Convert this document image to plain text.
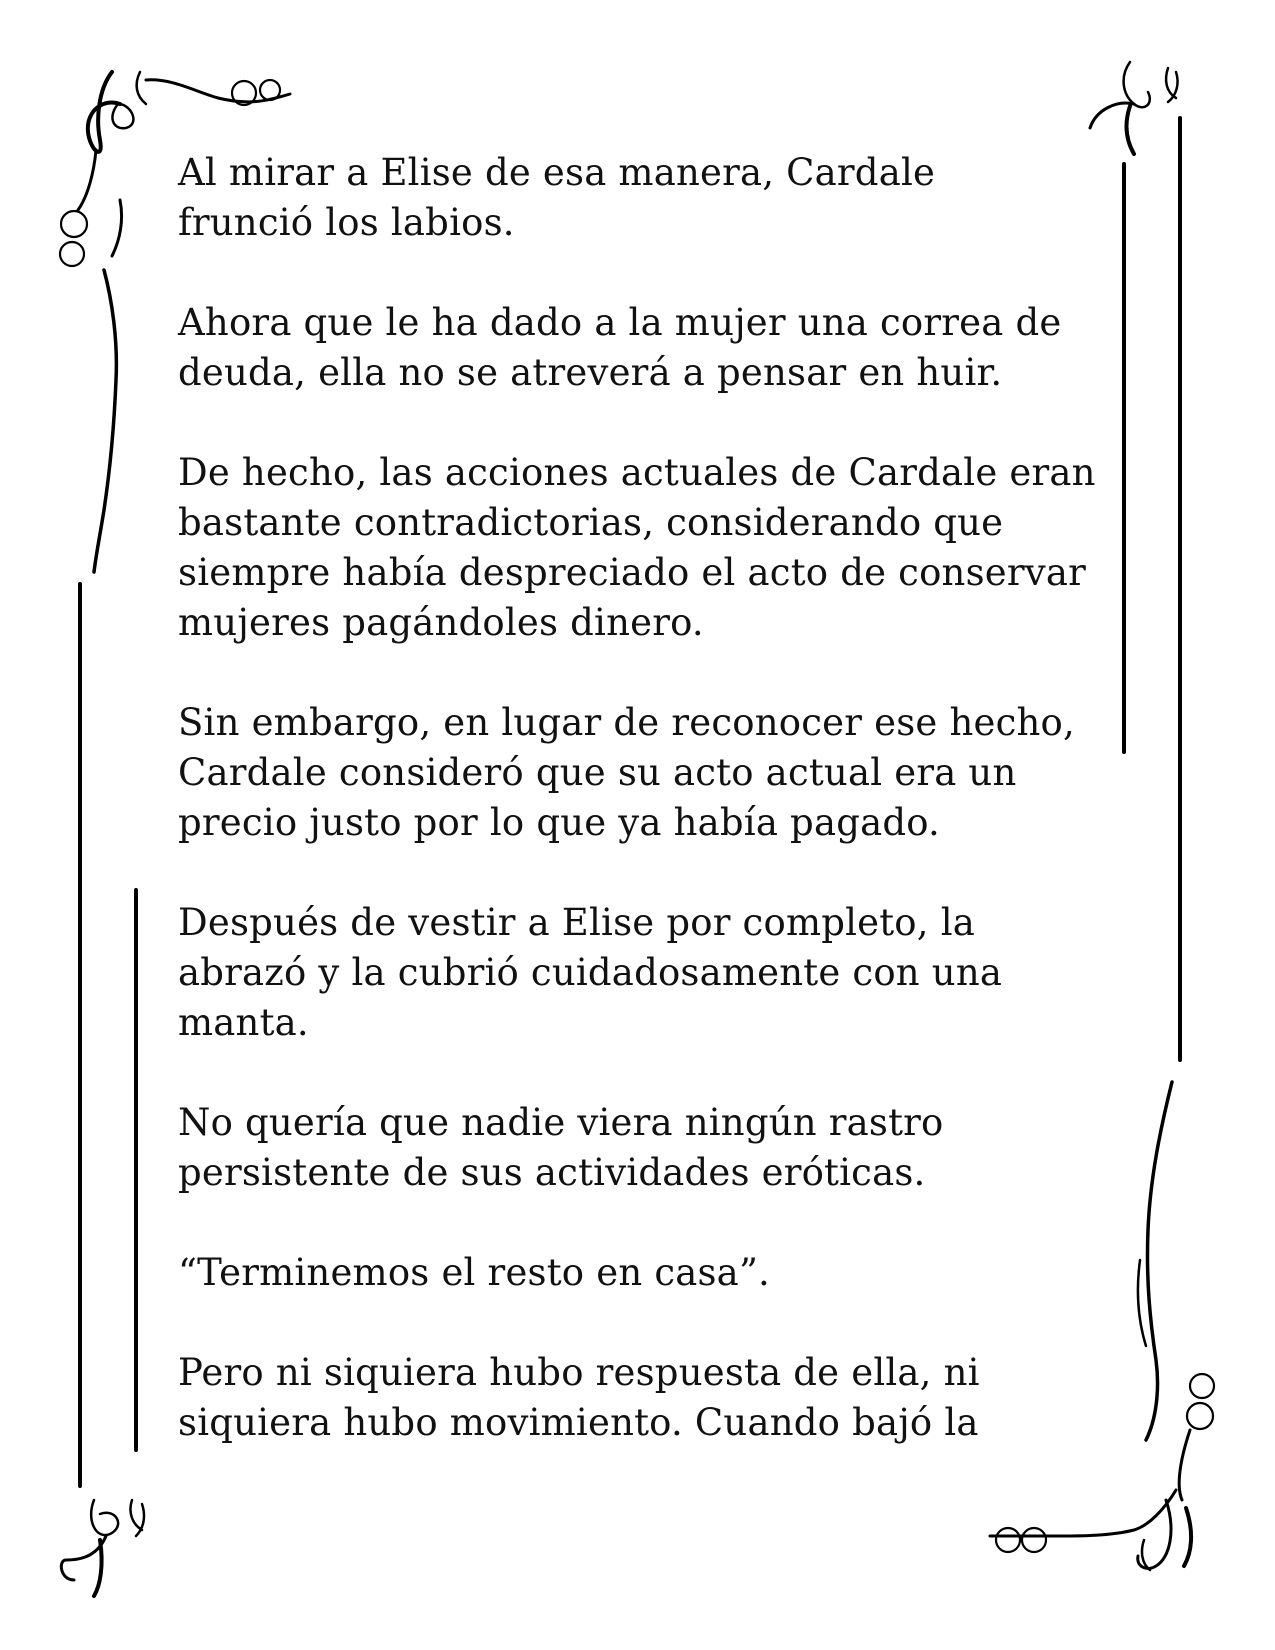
Al mirar a Elise de esa manera, Cardale
frunció los labios.

Ahora que le ha dado a la mujer una correa de
deuda, ella no se atreverá a pensar en huir.

De hecho, las acciones actuales de Cardale eran
bastante contradictorias, considerando que
siempre había despreciado el acto de conservar
mujeres pagándoles dinero.

Sin embargo, en lugar de reconocer ese hecho,
Cardale consideró que su acto actual era un
precio justo por lo que ya había pagado.

Después de vestir a Elise por completo, la
abrazó y la cubrió cuidadosamente con una
manta.

No quería que nadie viera ningún rastro
persistente de sus actividades eróticas.

“Terminemos el resto en casa”.

Pero ni siquiera hubo respuesta de ella, ni
siquiera hubo movimiento. Cuando bajó la
